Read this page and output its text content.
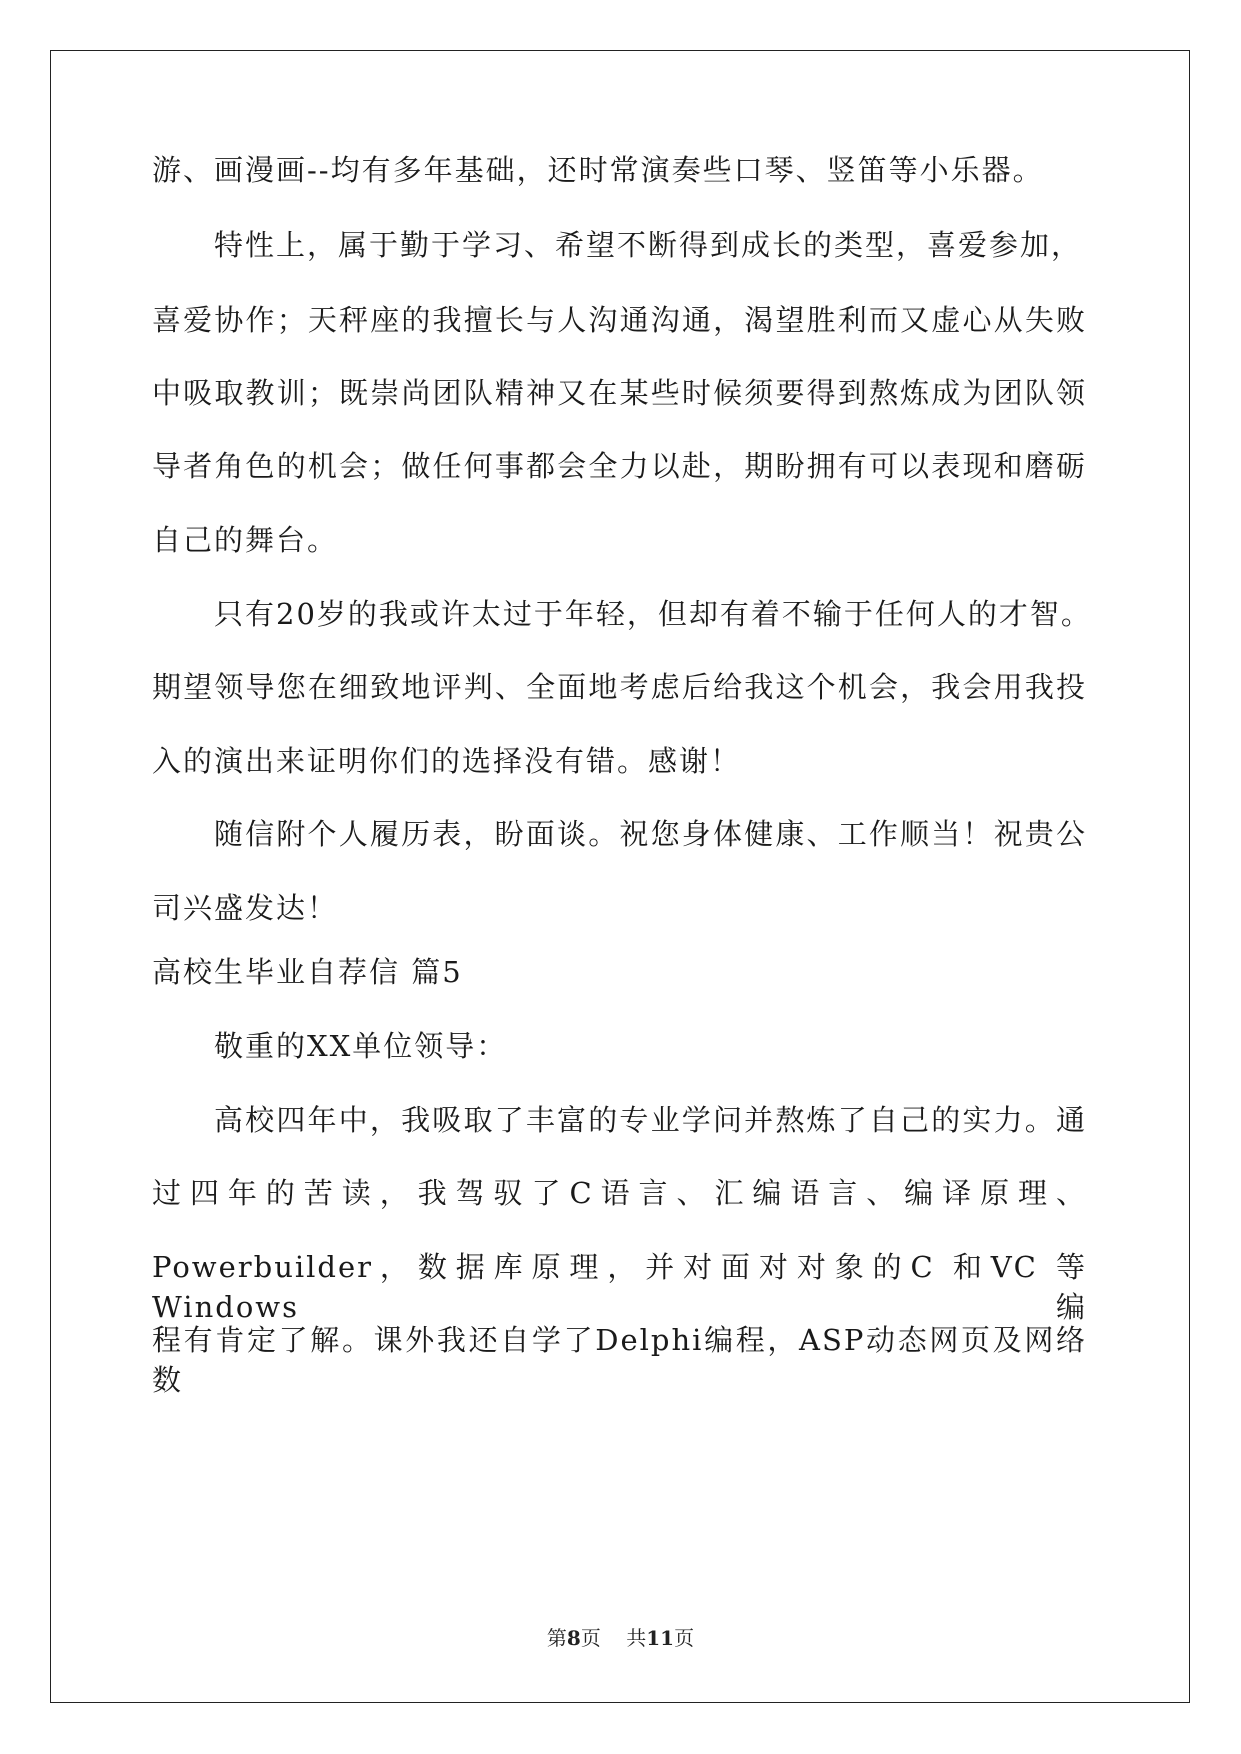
游、画漫画--均有多年基础，还时常演奏些口琴、竖笛等小乐器。
特性上，属于勤于学习、希望不断得到成长的类型，喜爱参加，
喜爱协作；天秤座的我擅长与人沟通沟通，渴望胜利而又虚心从失败
中吸取教训；既崇尚团队精神又在某些时候须要得到熬炼成为团队领
导者角色的机会；做任何事都会全力以赴，期盼拥有可以表现和磨砺
自己的舞台。
只有20岁的我或许太过于年轻，但却有着不输于任何人的才智。
期望领导您在细致地评判、全面地考虑后给我这个机会，我会用我投
入的演出来证明你们的选择没有错。感谢！
随信附个人履历表，盼面谈。祝您身体健康、工作顺当！祝贵公
司兴盛发达！
高校生毕业自荐信 篇5
敬重的XX单位领导：
高校四年中，我吸取了丰富的专业学问并熬炼了自己的实力。通
过四年的苦读，我驾驭了C语言、汇编语言、编译原理、
Powerbuilder，数据库原理，并对面对对象的C 和VC 等Windows编
程有肯定了解。课外我还自学了Delphi编程，ASP动态网页及网络数
第8页 共11页
